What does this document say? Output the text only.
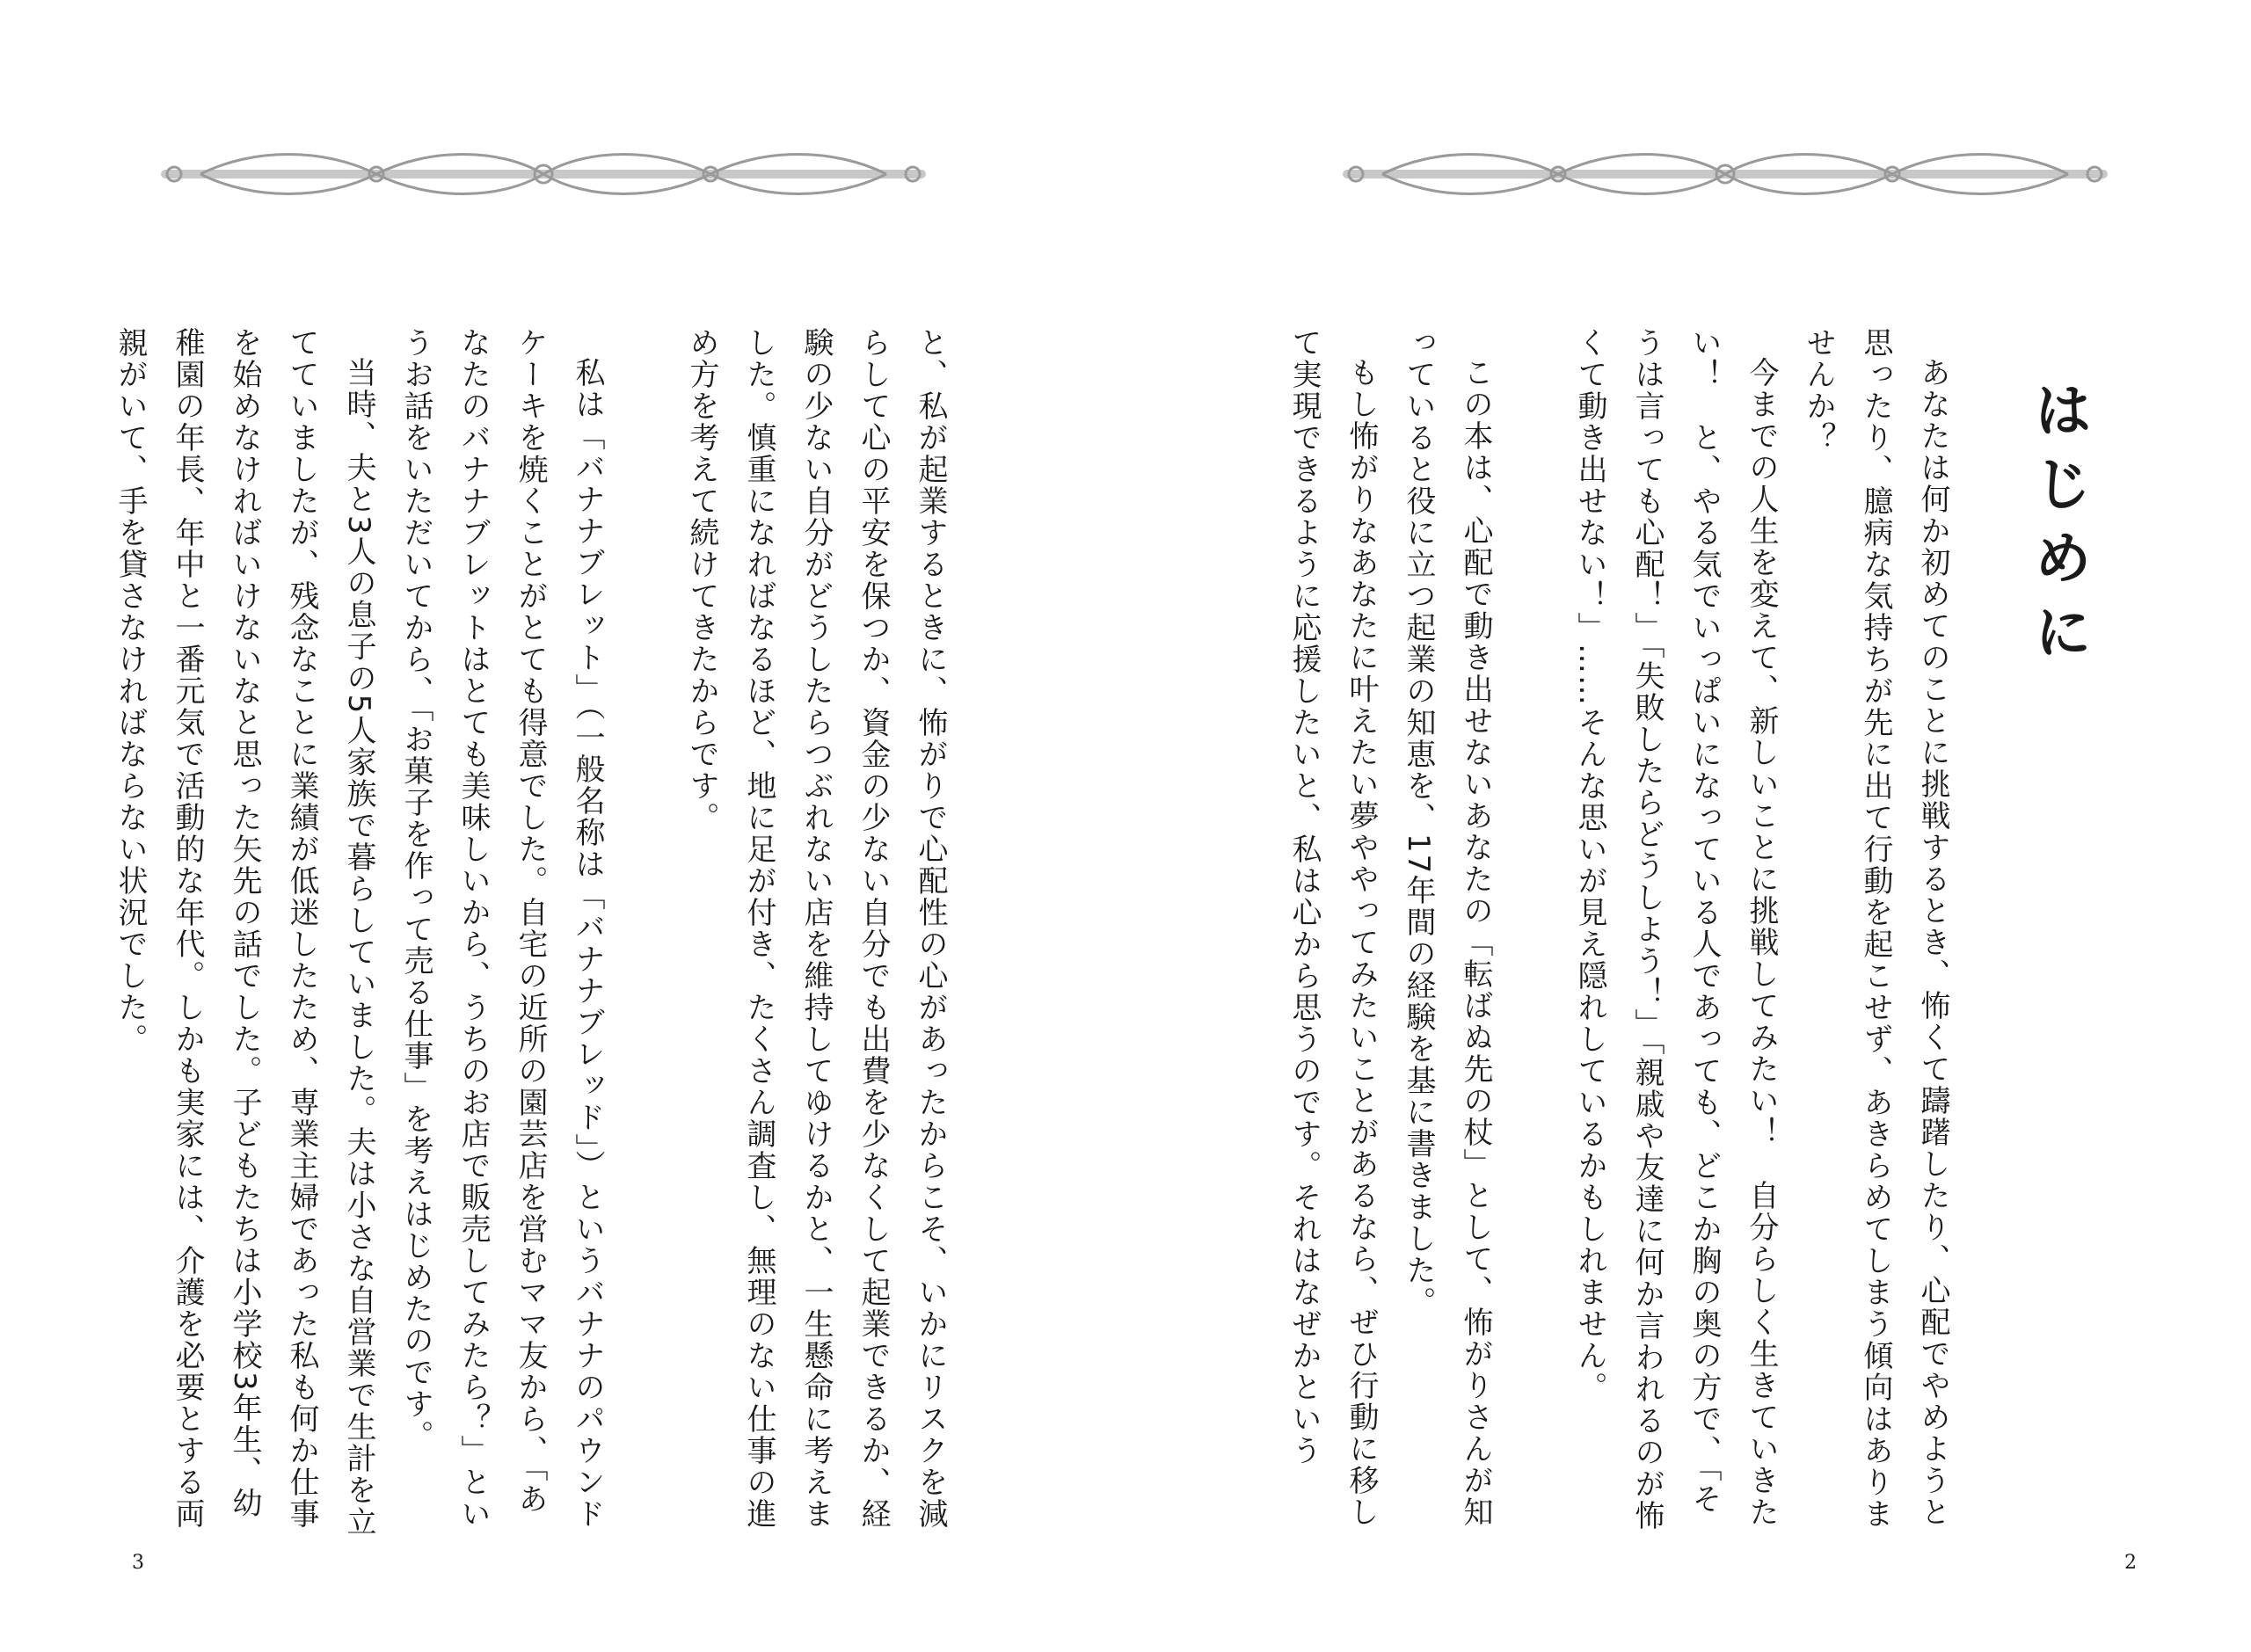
と、私が起業するときに、怖がりで心配性の心があったからこそ、いかにリスクを減らして心の平安を保つか、資金の少ない自分でも出費を少なくして起業できるか、経験の少ない自分がどうしたらつぶれない店を維持してゆけるかと、一生懸命に考えました。慎重になればなるほど、地に足が付き、たくさん調査し、無理のない仕事の進め方を考えて続けてきたからです。

私は「バナナブレット」（一般名称は「バナナブレッド」）というバナナのパウンドケーキを焼くことがとても得意でした。自宅の近所の園芸店を営むママ友から、「あなたのバナナブレットはとても美味しいから、うちのお店で販売してみたら？」というお話をいただいてから、「お菓子を作って売る仕事」を考えはじめたのです。

当時、夫と3人の息子の5人家族で暮らしていました。夫は小さな自営業で生計を立てていましたが、残念なことに業績が低迷したため、専業主婦であった私も何か仕事を始めなければいけないなと思った矢先の話でした。子どもたちは小学校3年生、幼稚園の年長、年中と一番元気で活動的な年代。しかも実家には、介護を必要とする両親がいて、手を貸さなければならない状況でした。

3
はじめに

あなたは何か初めてのことに挑戦するとき、怖くて躊躇したり、心配でやめようと思ったり、臆病な気持ちが先に出て行動を起こせず、あきらめてしまう傾向はありませんか？

今までの人生を変えて、新しいことに挑戦してみたい！　自分らしく生きていきたい！　と、やる気でいっぱいになっている人であっても、どこか胸の奥の方で、「そうは言っても心配！」「失敗したらどうしよう！」「親戚や友達に何か言われるのが怖くて動き出せない！」……そんな思いが見え隠れしているかもしれません。

この本は、心配で動き出せないあなたの「転ばぬ先の杖」として、怖がりさんが知っていると役に立つ起業の知恵を、17年間の経験を基に書きました。

もし怖がりなあなたに叶えたい夢ややってみたいことがあるなら、ぜひ行動に移して実現できるように応援したいと、私は心から思うのです。それはなぜかという

2
